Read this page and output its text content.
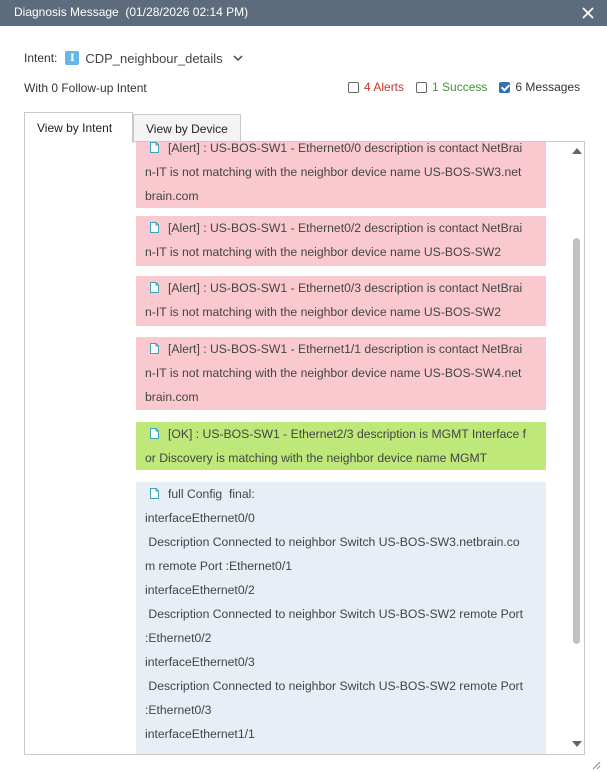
Diagnosis Message (01/28/2026 02:14 PM)
Intent:	I CDP_neighbour_details
With 0 Follow-up Intent	4 Alerts 1 Success 6 Messages
View by Intent	View by Device
[Alert] : US-BOS-SW1 - Ethernet0/0 description is contact NetBrai
n-IT is not matching with the neighbor device name US-BOS-SW3.net
brain.com
[Alert] : US-BOS-SW1 - Ethernet0/2 description is contact NetBrai
n-IT is not matching with the neighbor device name US-BOS-SW2
[Alert] : US-BOS-SW1 - Ethernet0/3 description is contact NetBrai
n-IT is not matching with the neighbor device name US-BOS-SW2
[Alert] : US-BOS-SW1 - Ethernet1/1 description is contact NetBrai
n-IT is not matching with the neighbor device name US-BOS-SW4.net
brain.com
[OK] : US-BOS-SW1 - Ethernet2/3 description is MGMT Interface f
or Discovery is matching with the neighbor device name MGMT
full Config  final:
interfaceEthernet0/0
Description Connected to neighbor Switch US-BOS-SW3.netbrain.co
m remote Port :Ethernet0/1
interfaceEthernet0/2
Description Connected to neighbor Switch US-BOS-SW2 remote Port
:Ethernet0/2
interfaceEthernet0/3
Description Connected to neighbor Switch US-BOS-SW2 remote Port
:Ethernet0/3
interfaceEthernet1/1
